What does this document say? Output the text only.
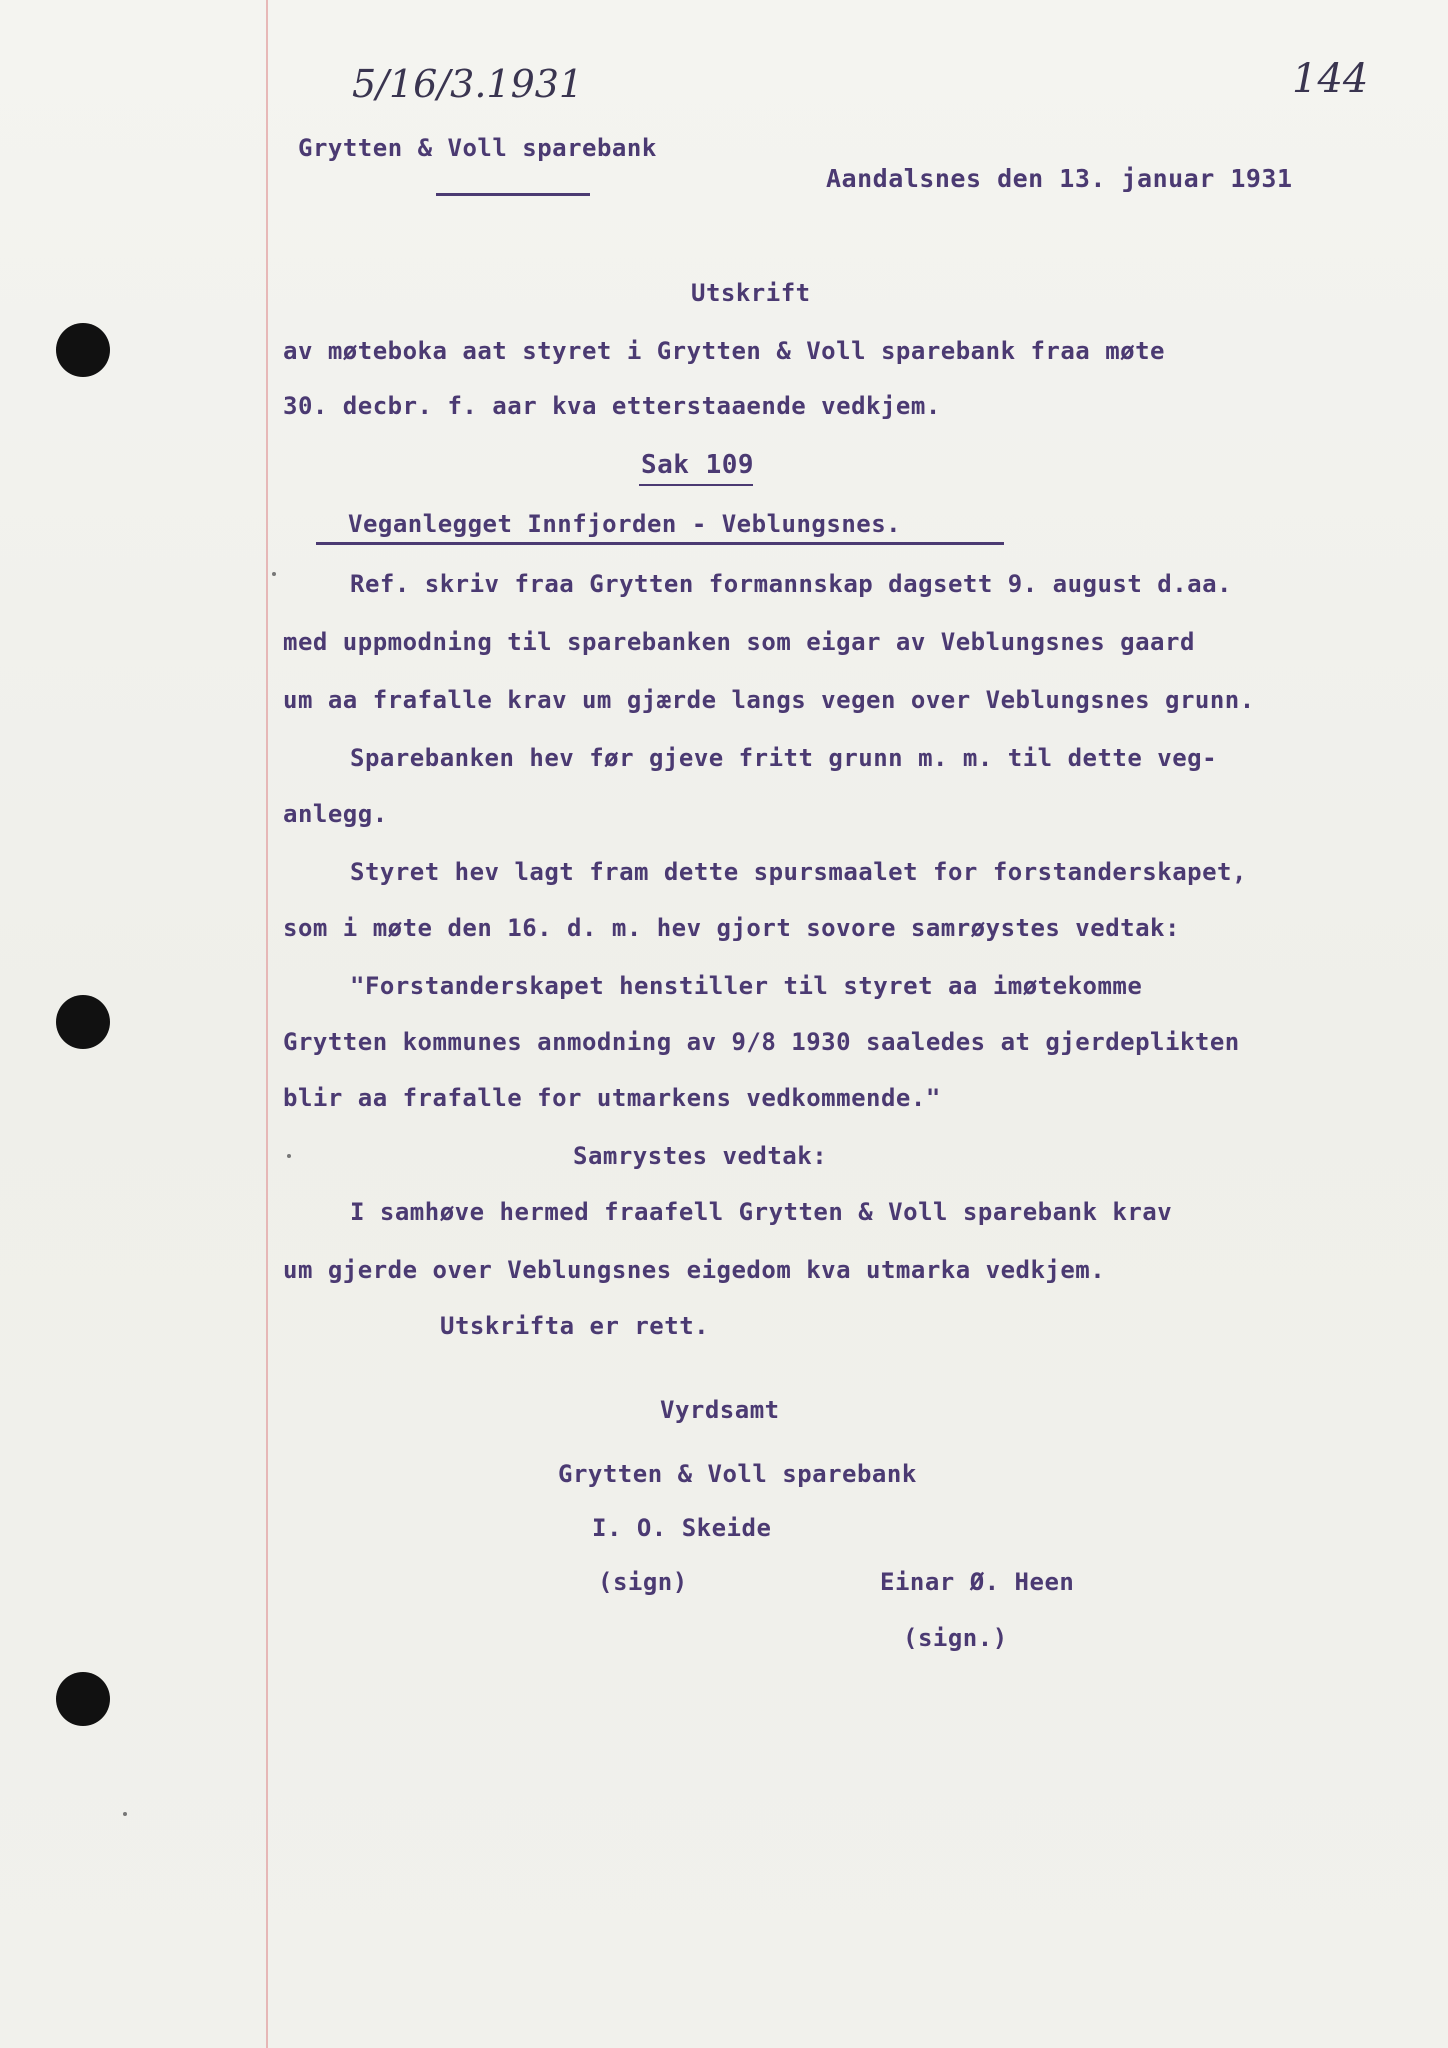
5/16/3.1931	144
Grytten & Voll sparebank
Aandalsnes den 13. januar 1931
Utskrift
av møteboka aat styret i Grytten & Voll sparebank fraa møte
30. decbr. f. aar kva etterstaaende vedkjem.
Sak 109
Veganlegget Innfjorden - Veblungsnes.
Ref. skriv fraa Grytten formannskap dagsett 9. august d.aa.
med uppmodning til sparebanken som eigar av Veblungsnes gaard
um aa frafalle krav um gjærde langs vegen over Veblungsnes grunn.
Sparebanken hev før gjeve fritt grunn m. m. til dette veg-
anlegg.
Styret hev lagt fram dette spursmaalet for forstanderskapet,
som i møte den 16. d. m. hev gjort sovore samrøystes vedtak:
"Forstanderskapet henstiller til styret aa imøtekomme
Grytten kommunes anmodning av 9/8 1930 saaledes at gjerdeplikten
blir aa frafalle for utmarkens vedkommende."
Samrystes vedtak:
I samhøve hermed fraafell Grytten & Voll sparebank krav
um gjerde over Veblungsnes eigedom kva utmarka vedkjem.
Utskrifta er rett.
Vyrdsamt
Grytten & Voll sparebank
I. O. Skeide
(sign)	Einar Ø. Heen
(sign.)
